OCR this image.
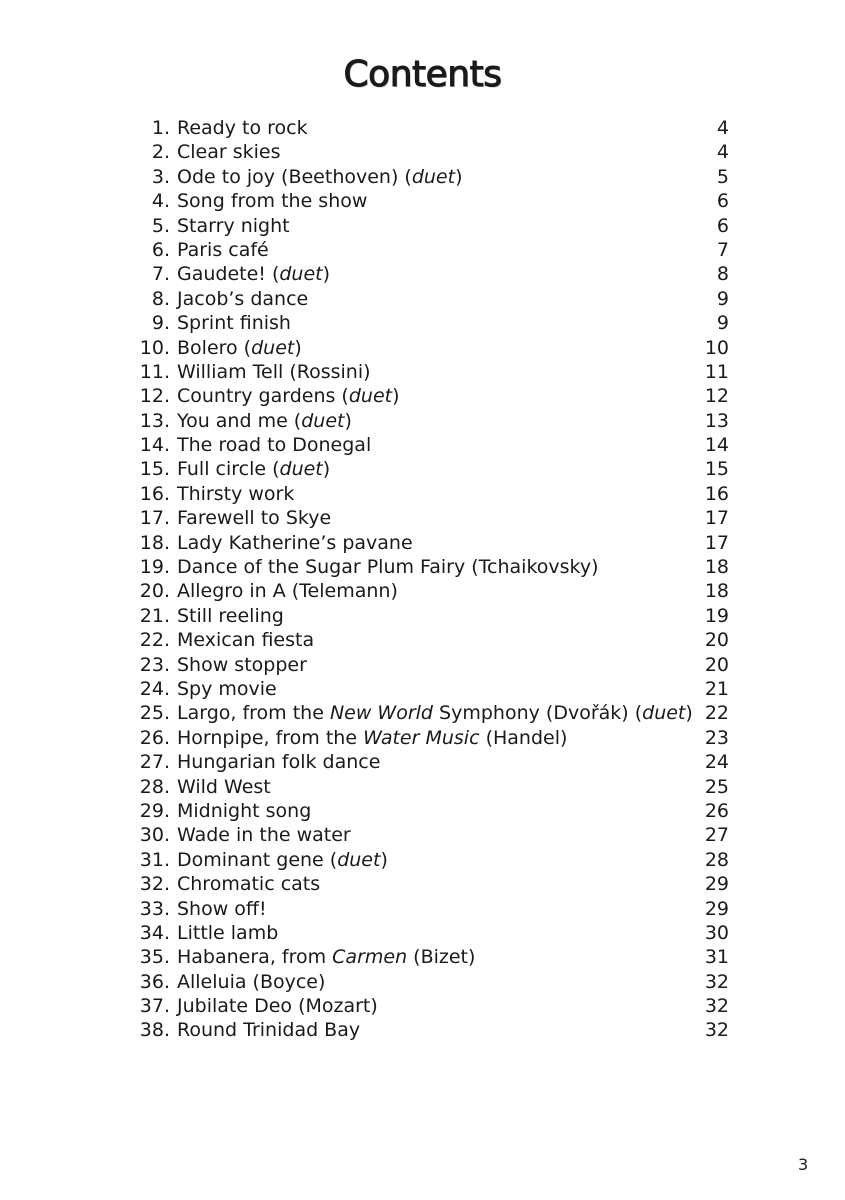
Contents
1. Ready to rock	4
2. Clear skies	4
3. Ode to joy (Beethoven) (duet)	5
4. Song from the show	6
5. Starry night	6
6. Paris café	7
7. Gaudete! (duet)	8
8. Jacob’s dance	9
9. Sprint finish	9
10. Bolero (duet)	10
11. William Tell (Rossini)	11
12. Country gardens (duet)	12
13. You and me (duet)	13
14. The road to Donegal	14
15. Full circle (duet)	15
16. Thirsty work	16
17. Farewell to Skye	17
18. Lady Katherine’s pavane	17
19. Dance of the Sugar Plum Fairy (Tchaikovsky)	18
20. Allegro in A (Telemann)	18
21. Still reeling	19
22. Mexican fiesta	20
23. Show stopper	20
24. Spy movie	21
25. Largo, from the New World Symphony (Dvořák) (duet) 22
26. Hornpipe, from the Water Music (Handel)	23
27. Hungarian folk dance	24
28. Wild West	25
29. Midnight song	26
30. Wade in the water	27
31. Dominant gene (duet)	28
32. Chromatic cats	29
33. Show off!	29
34. Little lamb	30
35. Habanera, from Carmen (Bizet)	31
36. Alleluia (Boyce)	32
37. Jubilate Deo (Mozart)	32
38. Round Trinidad Bay	32
3
